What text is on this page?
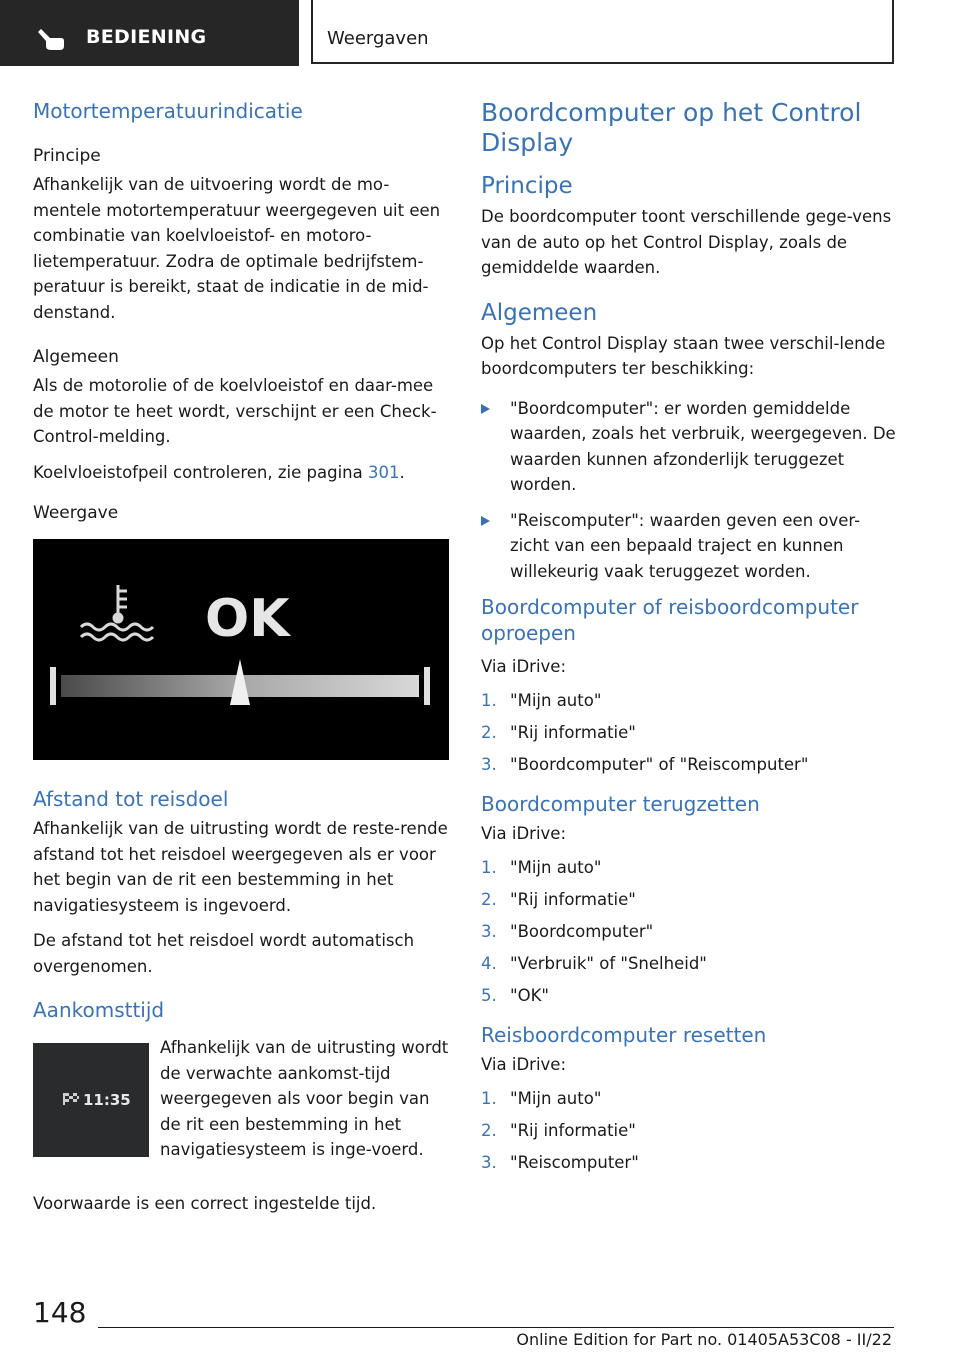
BEDIENING	Weergaven
Motortemperatuurindicatie
Principe

Afhankelijk van de uitvoering wordt de mo-mentele motortemperatuur weergegeven uit een combinatie van koelvloeistof- en motoro-lietemperatuur. Zodra de optimale bedrijfstem-peratuur is bereikt, staat de indicatie in de mid-denstand.

Algemeen

Als de motorolie of de koelvloeistof en daar-mee de motor te heet wordt, verschijnt er een Check-Control-melding.

Koelvloeistofpeil controleren, zie pagina 301.

Weergave
OK
Afstand tot reisdoel

Afhankelijk van de uitrusting wordt de reste-rende afstand tot het reisdoel weergegeven als er voor het begin van de rit een bestemming in het navigatiesysteem is ingevoerd.

De afstand tot het reisdoel wordt automatisch overgenomen.

Aankomsttijd
11:35

Afhankelijk van de uitrusting wordt de verwachte aankomst-tijd weergegeven als voor begin van de rit een bestemming in het navigatiesysteem is inge-voerd.

Voorwaarde is een correct ingestelde tijd.

Boordcomputer op het Control Display
Principe

De boordcomputer toont verschillende gege-vens van de auto op het Control Display, zoals de gemiddelde waarden.

Algemeen

Op het Control Display staan twee verschil-lende boordcomputers ter beschikking:

"Boordcomputer": er worden gemiddelde waarden, zoals het verbruik, weergegeven. De waarden kunnen afzonderlijk teruggezet worden.
"Reiscomputer": waarden geven een over-zicht van een bepaald traject en kunnen willekeurig vaak teruggezet worden.
Boordcomputer of reisboordcomputer oproepen

Via iDrive:

1. "Mijn auto"
2. "Rij informatie"
3. "Boordcomputer" of "Reiscomputer"
Boordcomputer terugzetten

Via iDrive:

1. "Mijn auto"
2. "Rij informatie"
3. "Boordcomputer"
4. "Verbruik" of "Snelheid"
5. "OK"
Reisboordcomputer resetten

Via iDrive:

1. "Mijn auto"
2. "Rij informatie"
3. "Reiscomputer"
148
Online Edition for Part no. 01405A53C08 - II/22
